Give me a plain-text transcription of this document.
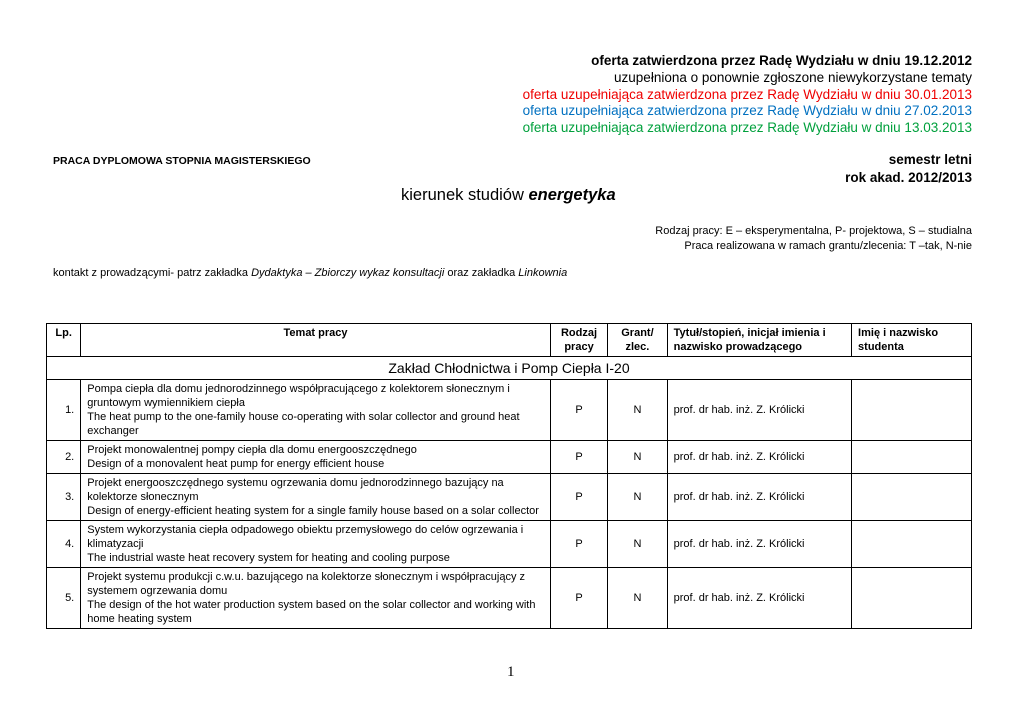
oferta zatwierdzona przez Radę Wydziału w dniu 19.12.2012
uzupełniona o ponownie zgłoszone niewykorzystane tematy
oferta uzupełniająca zatwierdzona przez Radę Wydziału w dniu 30.01.2013
oferta uzupełniająca zatwierdzona przez Radę Wydziału w dniu 27.02.2013
oferta uzupełniająca zatwierdzona przez Radę Wydziału w dniu 13.03.2013
PRACA DYPLOMOWA STOPNIA MAGISTERSKIEGO	semestr letni
rok akad. 2012/2013
kierunek studiów energetyka
Rodzaj pracy: E – eksperymentalna, P- projektowa, S – studialna
Praca realizowana w ramach grantu/zlecenia: T –tak, N-nie
kontakt z prowadzącymi- patrz zakładka Dydaktyka – Zbiorczy wykaz konsultacji oraz zakładka Linkownia
Lp.	Temat pracy	Rodzaj pracy	Grant/ zlec.	Tytuł/stopień, inicjał imienia i nazwisko prowadzącego	Imię i nazwisko studenta
Zakład Chłodnictwa i Pomp Ciepła I-20					
1.	Pompa ciepła dla domu jednorodzinnego współpracującego z kolektorem słonecznym i gruntowym wymiennikiem ciepła
The heat pump to the one-family house co-operating with solar collector and ground heat exchanger	P	N	prof. dr hab. inż. Z. Królicki	
2.	Projekt monowalentnej pompy ciepła dla domu energooszczędnego
Design of a monovalent heat pump for energy efficient house	P	N	prof. dr hab. inż. Z. Królicki	
3.	Projekt energooszczędnego systemu ogrzewania domu jednorodzinnego bazujący na kolektorze słonecznym
Design of energy-efficient heating system for a single family house based on a solar collector	P	N	prof. dr hab. inż. Z. Królicki	
4.	System wykorzystania ciepła odpadowego obiektu przemysłowego do celów ogrzewania i klimatyzacji
The industrial waste heat recovery system for heating and cooling purpose	P	N	prof. dr hab. inż. Z. Królicki	
5.	Projekt systemu produkcji c.w.u. bazującego na kolektorze słonecznym i współpracujący z systemem ogrzewania domu
The design of the hot water production system based on the solar collector and working with home heating system	P	N	prof. dr hab. inż. Z. Królicki	
1
